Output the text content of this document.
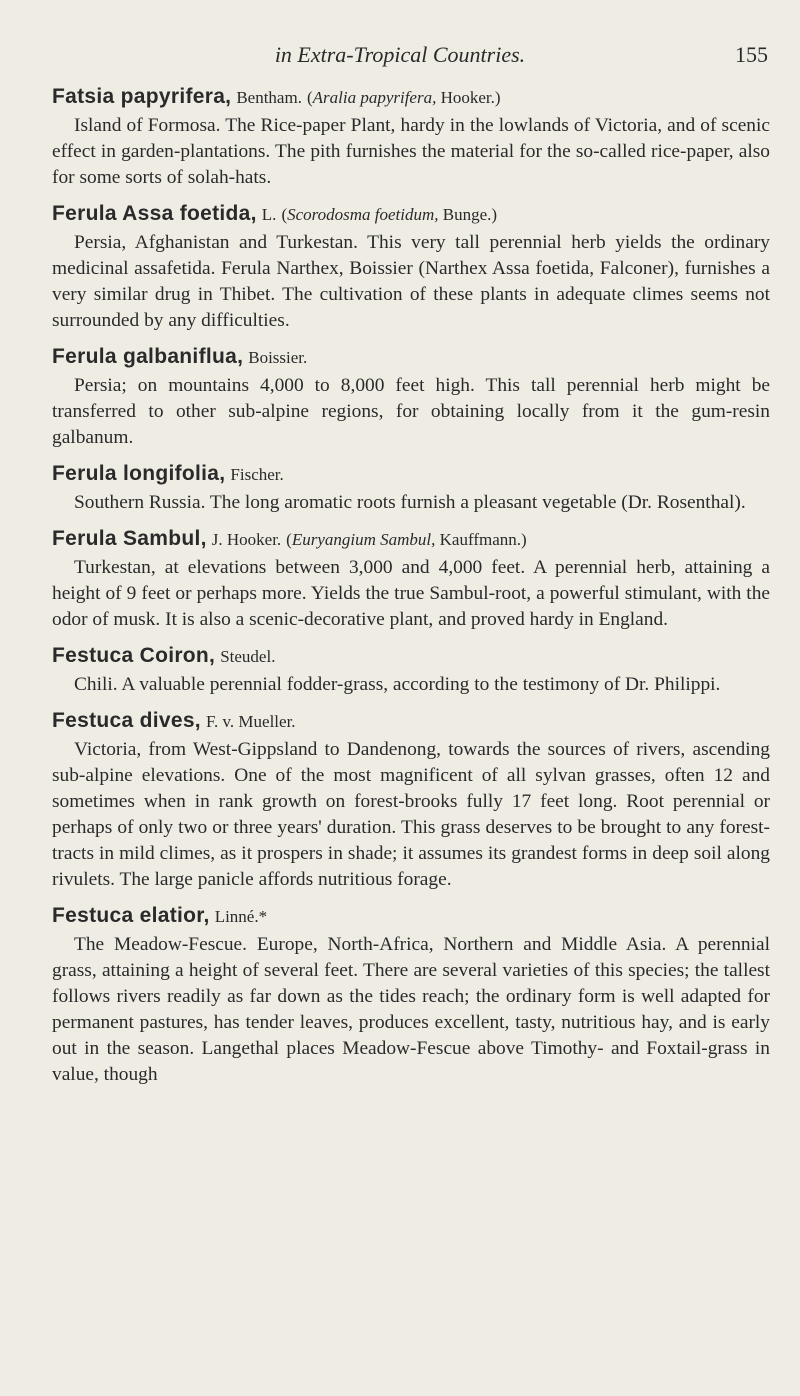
in Extra-Tropical Countries.	155
Fatsia papyrifera, Bentham. (Aralia papyrifera, Hooker.)

Island of Formosa. The Rice-paper Plant, hardy in the lowlands of Victoria, and of scenic effect in garden-plantations. The pith furnishes the material for the so-called rice-paper, also for some sorts of solah-hats.

Ferula Assa foetida, L. (Scorodosma foetidum, Bunge.)

Persia, Afghanistan and Turkestan. This very tall perennial herb yields the ordinary medicinal assafetida. Ferula Narthex, Boissier (Narthex Assa foetida, Falconer), furnishes a very similar drug in Thibet. The cultivation of these plants in adequate climes seems not surrounded by any difficulties.

Ferula galbaniflua, Boissier.

Persia; on mountains 4,000 to 8,000 feet high. This tall perennial herb might be transferred to other sub-alpine regions, for obtaining locally from it the gum-resin galbanum.

Ferula longifolia, Fischer.

Southern Russia. The long aromatic roots furnish a pleasant vegetable (Dr. Rosenthal).

Ferula Sambul, J. Hooker. (Euryangium Sambul, Kauffmann.)

Turkestan, at elevations between 3,000 and 4,000 feet. A perennial herb, attaining a height of 9 feet or perhaps more. Yields the true Sambul-root, a powerful stimulant, with the odor of musk. It is also a scenic-decorative plant, and proved hardy in England.

Festuca Coiron, Steudel.

Chili. A valuable perennial fodder-grass, according to the testimony of Dr. Philippi.

Festuca dives, F. v. Mueller.

Victoria, from West-Gippsland to Dandenong, towards the sources of rivers, ascending sub-alpine elevations. One of the most magnificent of all sylvan grasses, often 12 and sometimes when in rank growth on forest-brooks fully 17 feet long. Root perennial or perhaps of only two or three years' duration. This grass deserves to be brought to any forest-tracts in mild climes, as it prospers in shade; it assumes its grandest forms in deep soil along rivulets. The large panicle affords nutritious forage.

Festuca elatior, Linné.*

The Meadow-Fescue. Europe, North-Africa, Northern and Middle Asia. A perennial grass, attaining a height of several feet. There are several varieties of this species; the tallest follows rivers readily as far down as the tides reach; the ordinary form is well adapted for permanent pastures, has tender leaves, produces excellent, tasty, nutritious hay, and is early out in the season. Langethal places Meadow-Fescue above Timothy- and Foxtail-grass in value, though
